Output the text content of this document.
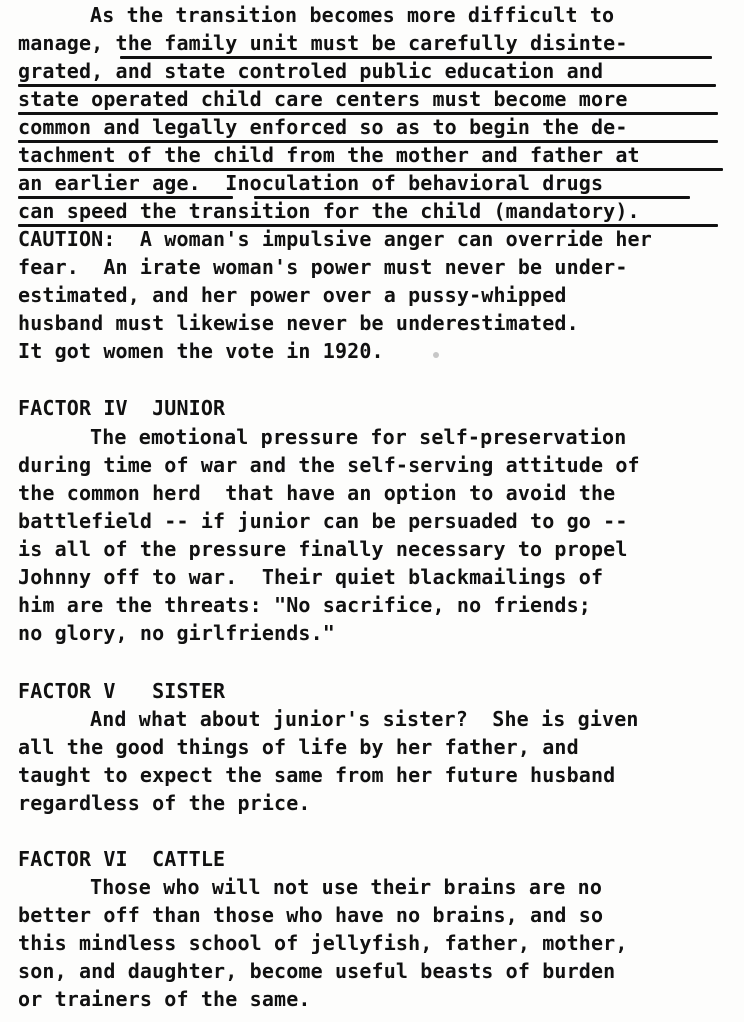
As the transition becomes more difficult to
manage, the family unit must be carefully disinte-
grated, and state controled public education and
state operated child care centers must become more
common and legally enforced so as to begin the de-
tachment of the child from the mother and father at
an earlier age.  Inoculation of behavioral drugs
can speed the transition for the child (mandatory).
CAUTION:  A woman's impulsive anger can override her
fear.  An irate woman's power must never be under-
estimated, and her power over a pussy-whipped
husband must likewise never be underestimated.
It got women the vote in 1920.
FACTOR IV  JUNIOR
The emotional pressure for self-preservation
during time of war and the self-serving attitude of
the common herd  that have an option to avoid the
battlefield -- if junior can be persuaded to go --
is all of the pressure finally necessary to propel
Johnny off to war.  Their quiet blackmailings of
him are the threats: "No sacrifice, no friends;
no glory, no girlfriends."
FACTOR V   SISTER
And what about junior's sister?  She is given
all the good things of life by her father, and
taught to expect the same from her future husband
regardless of the price.
FACTOR VI  CATTLE
Those who will not use their brains are no
better off than those who have no brains, and so
this mindless school of jellyfish, father, mother,
son, and daughter, become useful beasts of burden
or trainers of the same.
